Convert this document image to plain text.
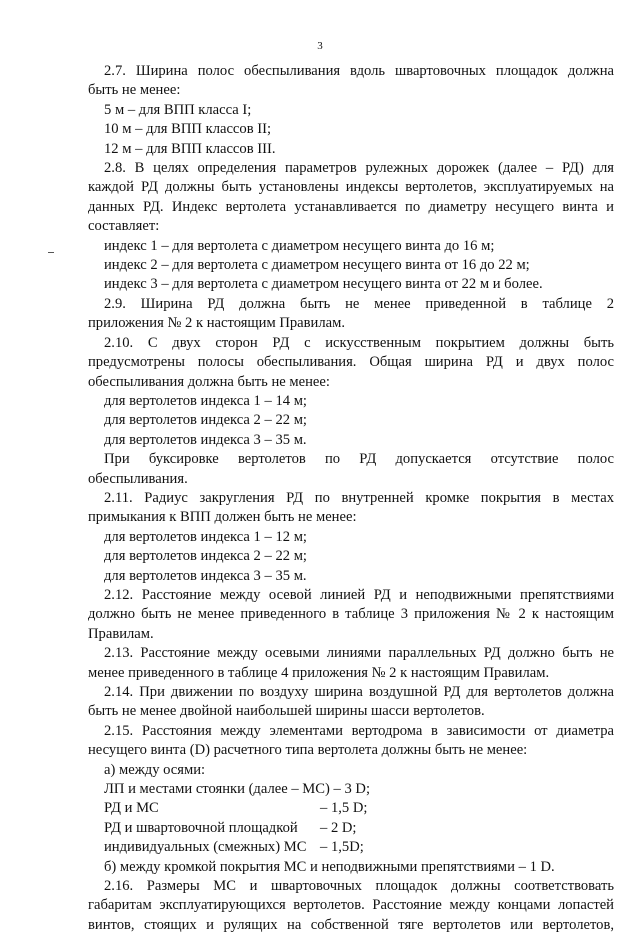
3

2.7. Ширина полос обеспыливания вдоль швартовочных площадок должна

быть не менее:

5 м – для ВПП класса I;

10 м – для ВПП классов II;

12 м – для ВПП классов III.

2.8. В целях определения параметров рулежных дорожек (далее – РД) для

каждой РД должны быть установлены индексы вертолетов, эксплуатируемых на

данных РД. Индекс вертолета устанавливается по диаметру несущего винта и

составляет:

индекс 1 – для вертолета с диаметром несущего винта до 16 м;

индекс 2 – для вертолета с диаметром несущего винта от 16 до 22 м;

индекс 3 – для вертолета с диаметром несущего винта от 22 м и более.

2.9. Ширина РД должна быть не менее приведенной в таблице 2

приложения № 2 к настоящим Правилам.

2.10. С двух сторон РД с искусственным покрытием должны быть

предусмотрены полосы обеспыливания. Общая ширина РД и двух полос

обеспыливания должна быть не менее:

для вертолетов индекса 1 – 14 м;

для вертолетов индекса 2 – 22 м;

для вертолетов индекса 3 – 35 м.

При буксировке вертолетов по РД допускается отсутствие полос

обеспыливания.

2.11. Радиус закругления РД по внутренней кромке покрытия в местах

примыкания к ВПП должен быть не менее:

для вертолетов индекса 1 – 12 м;

для вертолетов индекса 2 – 22 м;

для вертолетов индекса 3 – 35 м.

2.12. Расстояние между осевой линией РД и неподвижными препятствиями

должно быть не менее приведенного в таблице 3 приложения № 2 к настоящим

Правилам.

2.13. Расстояние между осевыми линиями параллельных РД должно быть не

менее приведенного в таблице 4 приложения № 2 к настоящим Правилам.

2.14. При движении по воздуху ширина воздушной РД для вертолетов должна

быть не менее двойной наибольшей ширины шасси вертолетов.

2.15. Расстояния между элементами вертодрома в зависимости от диаметра

несущего винта (D) расчетного типа вертолета должны быть не менее:

а) между осями:

ЛП и местами стоянки (далее – МС) – 3 D;

РД и МС	– 1,5 D;
РД и швартовочной площадкой	– 2 D;
индивидуальных (смежных) МС – 1,5D;

б) между кромкой покрытия МС и неподвижными препятствиями – 1 D.

2.16. Размеры МС и швартовочных площадок должны соответствовать

габаритам эксплуатирующихся вертолетов. Расстояние между концами лопастей

винтов, стоящих и рулящих на собственной тяге вертолетов или вертолетов,
